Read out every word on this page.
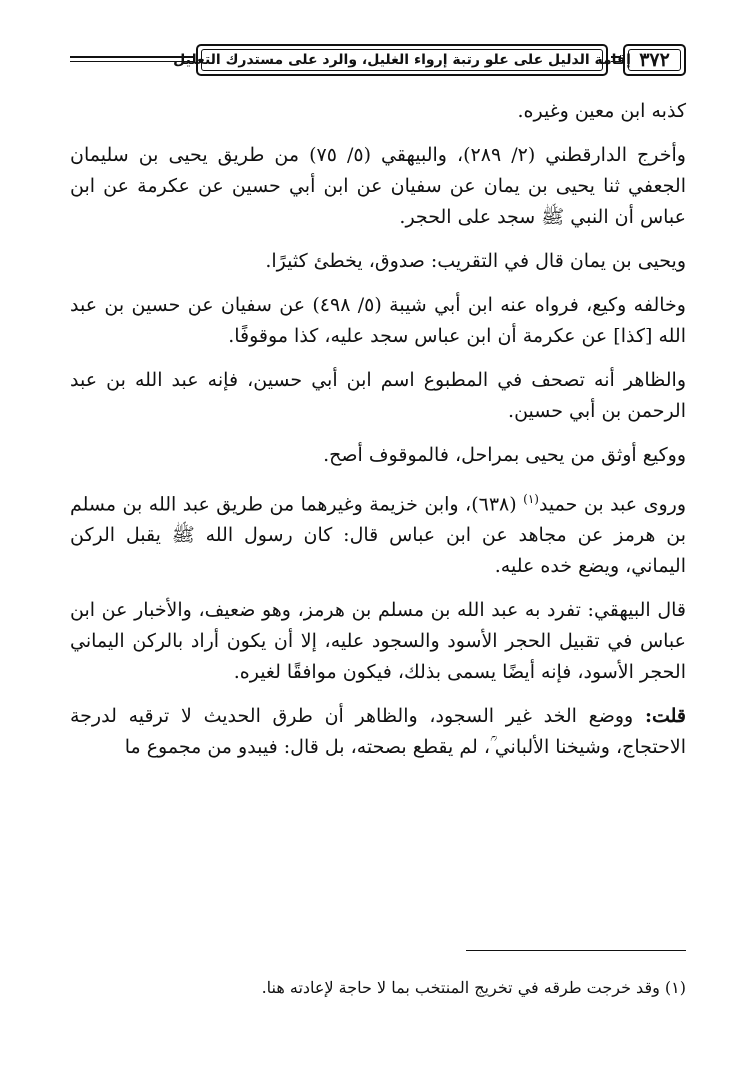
إقامة الدليل على علو رتبة إرواء الغليل، والرد على مستدرك التعليل ٣٧٢

كذبه ابن معين وغيره.

وأخرج الدارقطني (٢/ ٢٨٩)، والبيهقي (٥/ ٧٥) من طريق يحيى بن سليمان الجعفي ثنا يحيى بن يمان عن سفيان عن ابن أبي حسين عن عكرمة عن ابن عباس أن النبي ﷺ سجد على الحجر.

ويحيى بن يمان قال في التقريب: صدوق، يخطئ كثيرًا.

وخالفه وكيع، فرواه عنه ابن أبي شيبة (٥/ ٤٩٨) عن سفيان عن حسين بن عبد الله [كذا] عن عكرمة أن ابن عباس سجد عليه، كذا موقوفًا.

والظاهر أنه تصحف في المطبوع اسم ابن أبي حسين، فإنه عبد الله بن عبد الرحمن بن أبي حسين.

ووكيع أوثق من يحيى بمراحل، فالموقوف أصح.

وروى عبد بن حميد$^{(١)}$ (٦٣٨)، وابن خزيمة وغيرهما من طريق عبد الله بن مسلم بن هرمز عن مجاهد عن ابن عباس قال: كان رسول الله ﷺ يقبل الركن اليماني، ويضع خده عليه.

قال البيهقي: تفرد به عبد الله بن مسلم بن هرمز، وهو ضعيف، والأخبار عن ابن عباس في تقبيل الحجر الأسود والسجود عليه، إلا أن يكون أراد بالركن اليماني الحجر الأسود، فإنه أيضًا يسمى بذلك، فيكون موافقًا لغيره.

قلت: ووضع الخد غير السجود، والظاهر أن طرق الحديث لا ترقيه لدرجة الاحتجاج، وشيخنا الألباني ؒ، لم يقطع بصحته، بل قال: فيبدو من مجموع ما

(١) وقد خرجت طرقه في تخريج المنتخب بما لا حاجة لإعادته هنا.
